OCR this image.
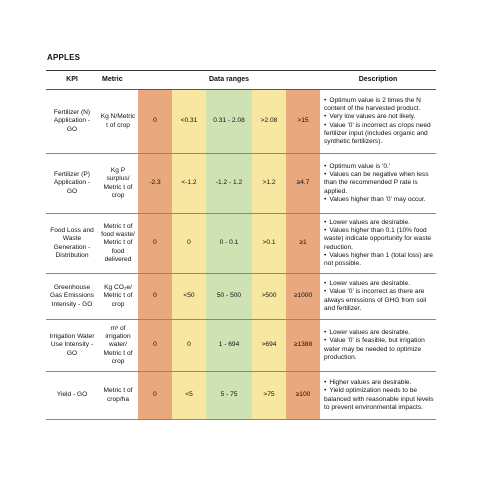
APPLES
KPI	Metric	Data ranges					Description
Fertilizer (N) Application - GO	Kg N/Metric t of crop	0	<0.31	0.31 - 2.08	>2.08	>15	• Optimum value is 2 times the N content of the harvested product.
• Very low values are not likely.
• Value '0' is incorrect as crops need fertilizer input (includes organic and synthetic fertilizers).

Fertilizer (P) Application - GO	Kg P surplus/ Metric t of crop	-2.3	<-1.2	-1.2 - 1.2	>1.2	≥4.7	• Optimum value is '0.'
• Values can be negative when less than the recommended P rate is applied.
• Values higher than '0' may occur.

Food Loss and Waste Generation - Distribution	Metric t of food waste/ Metric t of food delivered	0	0	0 - 0.1	>0.1	≥1	• Lower values are desirable.
• Values higher than 0.1 (10% food waste) indicate opportunity for waste reduction.
• Values higher than 1 (total loss) are not possible.

Greenhouse Gas Emissions Intensity - GO	Kg CO₂e/ Metric t of crop	0	<50	50 - 500	>500	≥1000	• Lower values are desirable.
• Value '0' is incorrect as there are always emissions of GHG from soil and fertilizer.

Irrigation Water Use Intensity - GO	m³ of irrigation water/ Metric t of crop	0	0	1 - 694	>694	≥1388	• Lower values are desirable.
• Value '0' is feasible, but irrigation water may be needed to optimize production.

Yield - GO	Metric t of crop/ha	0	<5	5 - 75	>75	≥100	• Higher values are desirable.
• Yield optimization needs to be balanced with reasonable input levels to prevent environmental impacts.
